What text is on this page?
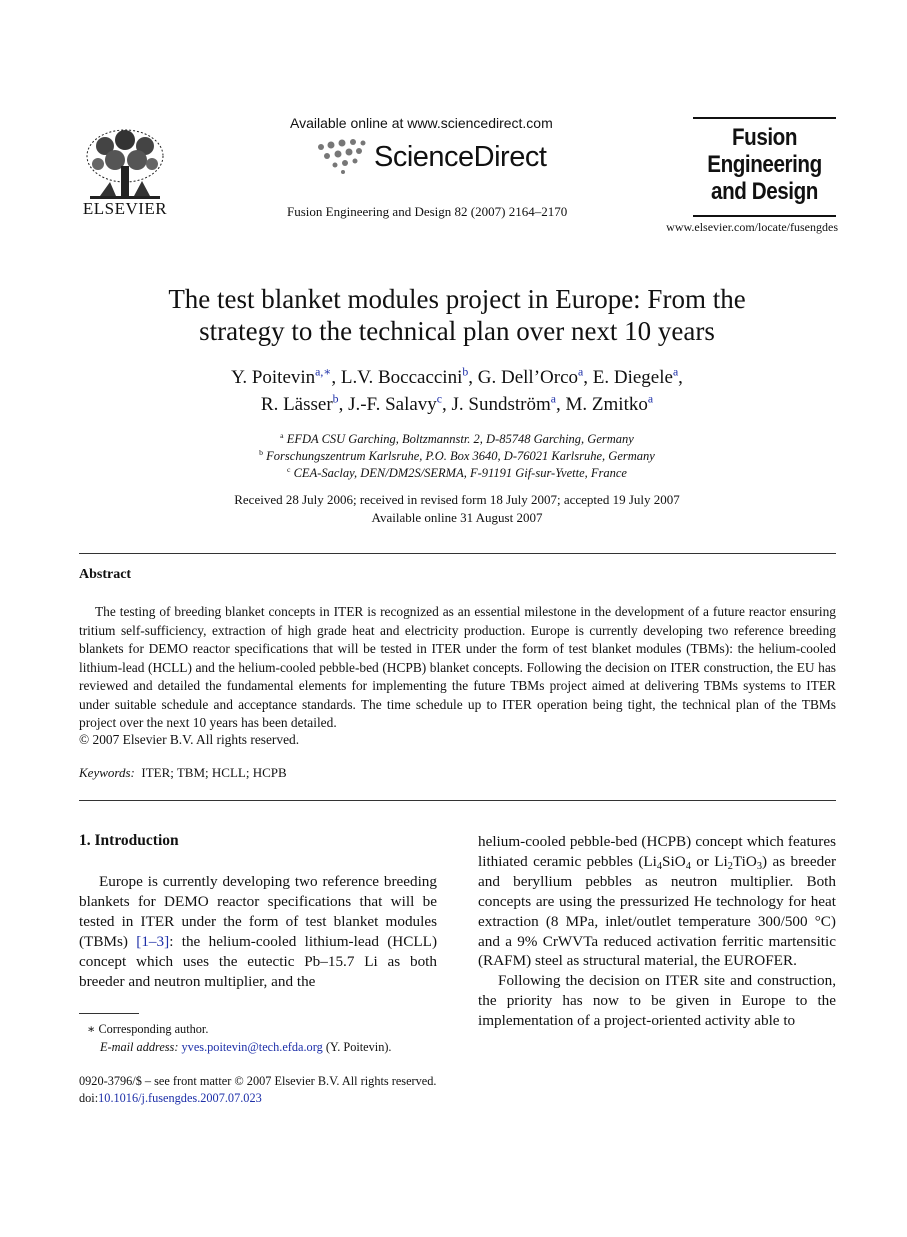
ELSEVIER
Available online at www.sciencedirect.com
ScienceDirect
Fusion Engineering and Design 82 (2007) 2164–2170
Fusion
Engineering
and Design
www.elsevier.com/locate/fusengdes
The test blanket modules project in Europe: From the
strategy to the technical plan over next 10 years
Y. Poitevin$^{a,∗}$, L.V. Boccaccini$^b$, G. Dell’Orco$^a$, E. Diegele$^a$,
R. Lässer$^b$, J.-F. Salavy$^c$, J. Sundström$^a$, M. Zmitko$^a$
$^a$ EFDA CSU Garching, Boltzmannstr. 2, D-85748 Garching, Germany
$^b$ Forschungszentrum Karlsruhe, P.O. Box 3640, D-76021 Karlsruhe, Germany
$^c$ CEA-Saclay, DEN/DM2S/SERMA, F-91191 Gif-sur-Yvette, France
Received 28 July 2006; received in revised form 18 July 2007; accepted 19 July 2007
Available online 31 August 2007
Abstract

The testing of breeding blanket concepts in ITER is recognized as an essential milestone in the development of a future reactor ensuring tritium self-sufficiency, extraction of high grade heat and electricity production. Europe is currently developing two reference breeding blankets for DEMO reactor specifications that will be tested in ITER under the form of test blanket modules (TBMs): the helium-cooled lithium-lead (HCLL) and the helium-cooled pebble-bed (HCPB) blanket concepts. Following the decision on ITER construction, the EU has reviewed and detailed the fundamental elements for implementing the future TBMs project aimed at delivering TBMs systems to ITER under suitable schedule and acceptance standards. The time schedule up to ITER operation being tight, the technical plan of the TBMs project over the next 10 years has been detailed.

© 2007 Elsevier B.V. All rights reserved.
Keywords: ITER; TBM; HCLL; HCPB
1. Introduction

Europe is currently developing two reference breeding blankets for DEMO reactor specifications that will be tested in ITER under the form of test blanket modules (TBMs) [1–3]: the helium-cooled lithium-lead (HCLL) concept which uses the eutectic Pb–15.7 Li as both breeder and neutron multiplier, and the

helium-cooled pebble-bed (HCPB) concept which features lithiated ceramic pebbles ($Li_4SiO_4$ or $Li_2TiO_3$) as breeder and beryllium pebbles as neutron multiplier. Both concepts are using the pressurized He technology for heat extraction (8 MPa, inlet/outlet temperature 300/500 °C) and a 9% CrWVTa reduced activation ferritic martensitic (RAFM) steel as structural material, the EUROFER.

Following the decision on ITER site and construction, the priority has now to be given in Europe to the implementation of a project-oriented activity able to

∗ Corresponding author.
E-mail address: yves.poitevin@tech.efda.org (Y. Poitevin).
0920-3796/$ – see front matter © 2007 Elsevier B.V. All rights reserved.
doi:10.1016/j.fusengdes.2007.07.023
